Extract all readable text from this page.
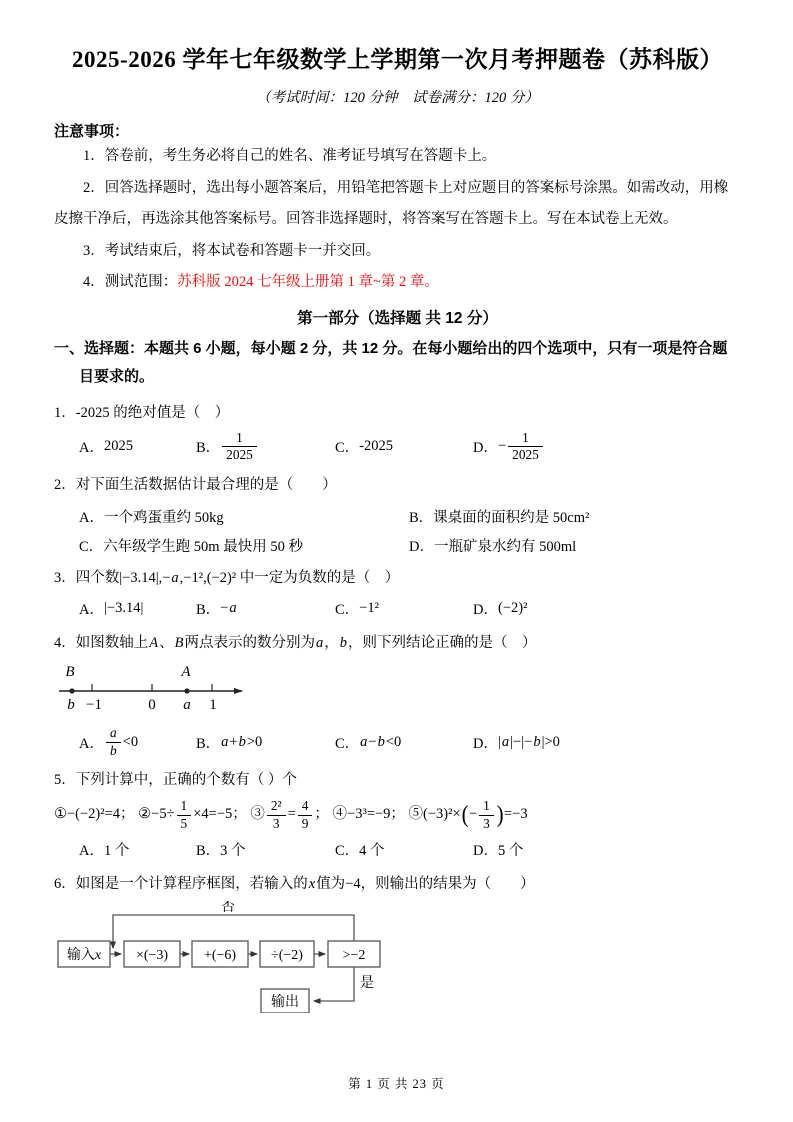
2025-2026 学年七年级数学上学期第一次月考押题卷（苏科版）
（考试时间：120 分钟　试卷满分：120 分）
注意事项：

1．答卷前，考生务必将自己的姓名、准考证号填写在答题卡上。

2．回答选择题时，选出每小题答案后，用铅笔把答题卡上对应题目的答案标号涂黑。如需改动，用橡皮擦干净后，再选涂其他答案标号。回答非选择题时，将答案写在答题卡上。写在本试卷上无效。

3．考试结束后，将本试卷和答题卡一并交回。

4．测试范围：苏科版 2024 七年级上册第 1 章~第 2 章。

第一部分（选择题 共 12 分）

一、选择题：本题共 6 小题，每小题 2 分，共 12 分。在每小题给出的四个选项中，只有一项是符合题目要求的。

1．-2025 的绝对值是（　）

A． 2025	B． $\frac{1}{2025}$	C． -2025	D． − $\frac{1}{2025}$

2．对下面生活数据估计最合理的是（　　）

A．一个鸡蛋重约 50kg	B．课桌面的面积约是 50cm²
C．六年级学生跑 50m 最快用 50 秒	D．一瓶矿泉水约有 500ml

3．四个数|−3.14|,− a ,−1²,(−2)² 中一定为负数的是（　）

A． |−3.14|	B． − a	C． −1²	D． (−2)²

4．如图数轴上 A 、 B 两点表示的数分别为 a ， b ，则下列结论正确的是（　）

B
b −1	0
A
a 1
A． $\frac{a}{b} <0$	B． a + b >0	C． a − b <0	D． | a |−|− b |>0

5．下列计算中，正确的个数有（ ）个

①−(−2)²=4； ②−5÷ $\frac{1}{5} \times 4=-5$； ③ $\frac{\text{2²}}{3} = \frac{4}{9}$ ； ④−3³=−9； ⑤(−3)²× ( − $\frac{1}{3}$ ) =−3
A．1 个	B．3 个	C．4 个	D．5 个

6．如图是一个计算程序框图，若输入的 x 值为−4，则输出的结果为（　　）

否
是
输入x ×(−3)	+(−6) ÷(−2)	>−2
输出
第 1 页 共 23 页
